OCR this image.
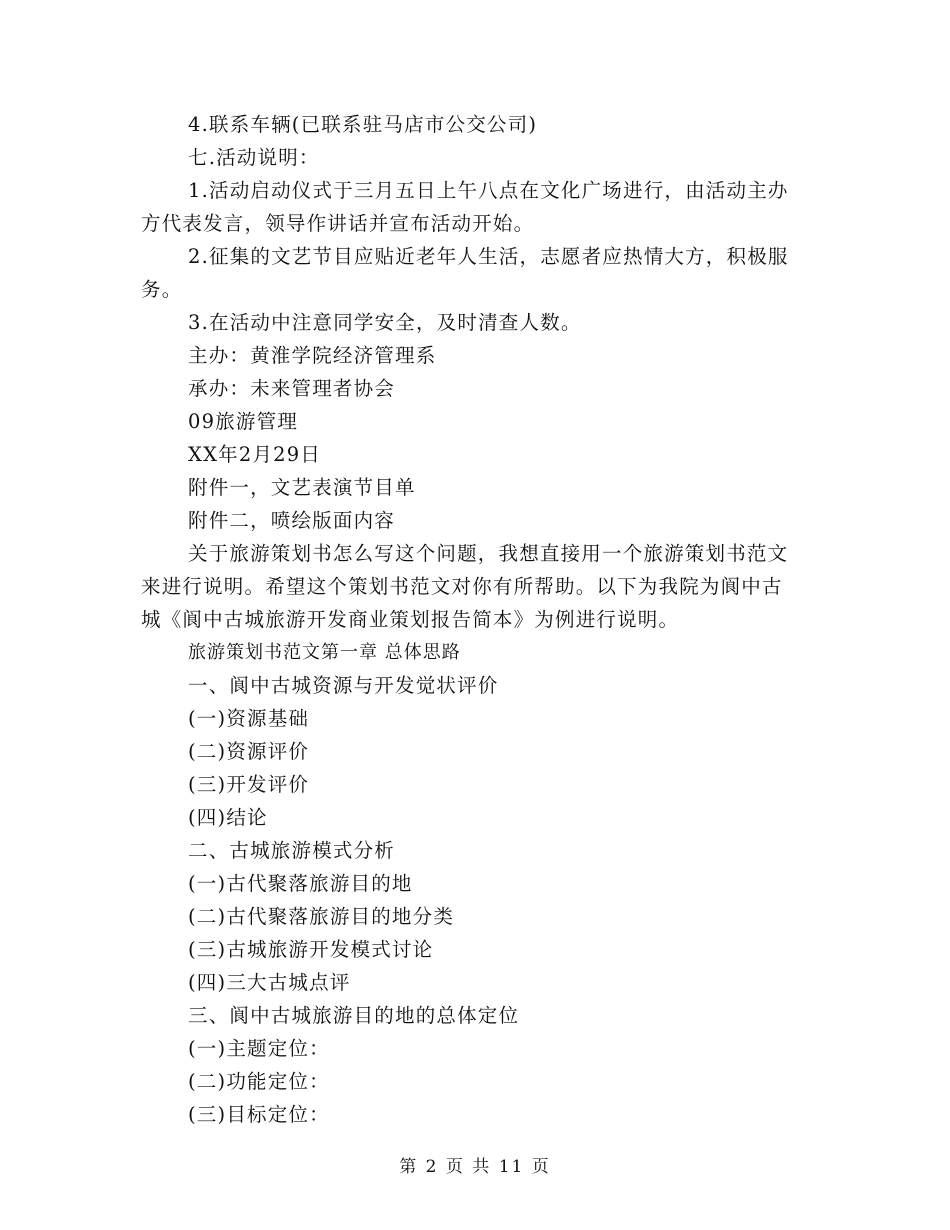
4.联系车辆(已联系驻马店市公交公司)

七.活动说明：

1.活动启动仪式于三月五日上午八点在文化广场进行，由活动主办方代表发言，领导作讲话并宣布活动开始。

2.征集的文艺节目应贴近老年人生活，志愿者应热情大方，积极服务。

3.在活动中注意同学安全，及时清查人数。

主办：黄淮学院经济管理系

承办：未来管理者协会

09旅游管理

XX年2月29日

附件一，文艺表演节目单

附件二，喷绘版面内容

关于旅游策划书怎么写这个问题，我想直接用一个旅游策划书范文来进行说明。希望这个策划书范文对你有所帮助。以下为我院为阆中古城《阆中古城旅游开发商业策划报告简本》为例进行说明。

旅游策划书范文第一章 总体思路

一、阆中古城资源与开发觉状评价

(一)资源基础

(二)资源评价

(三)开发评价

(四)结论

二、古城旅游模式分析

(一)古代聚落旅游目的地

(二)古代聚落旅游目的地分类

(三)古城旅游开发模式讨论

(四)三大古城点评

三、阆中古城旅游目的地的总体定位

(一)主题定位：

(二)功能定位：

(三)目标定位：

第 2 页 共 11 页
